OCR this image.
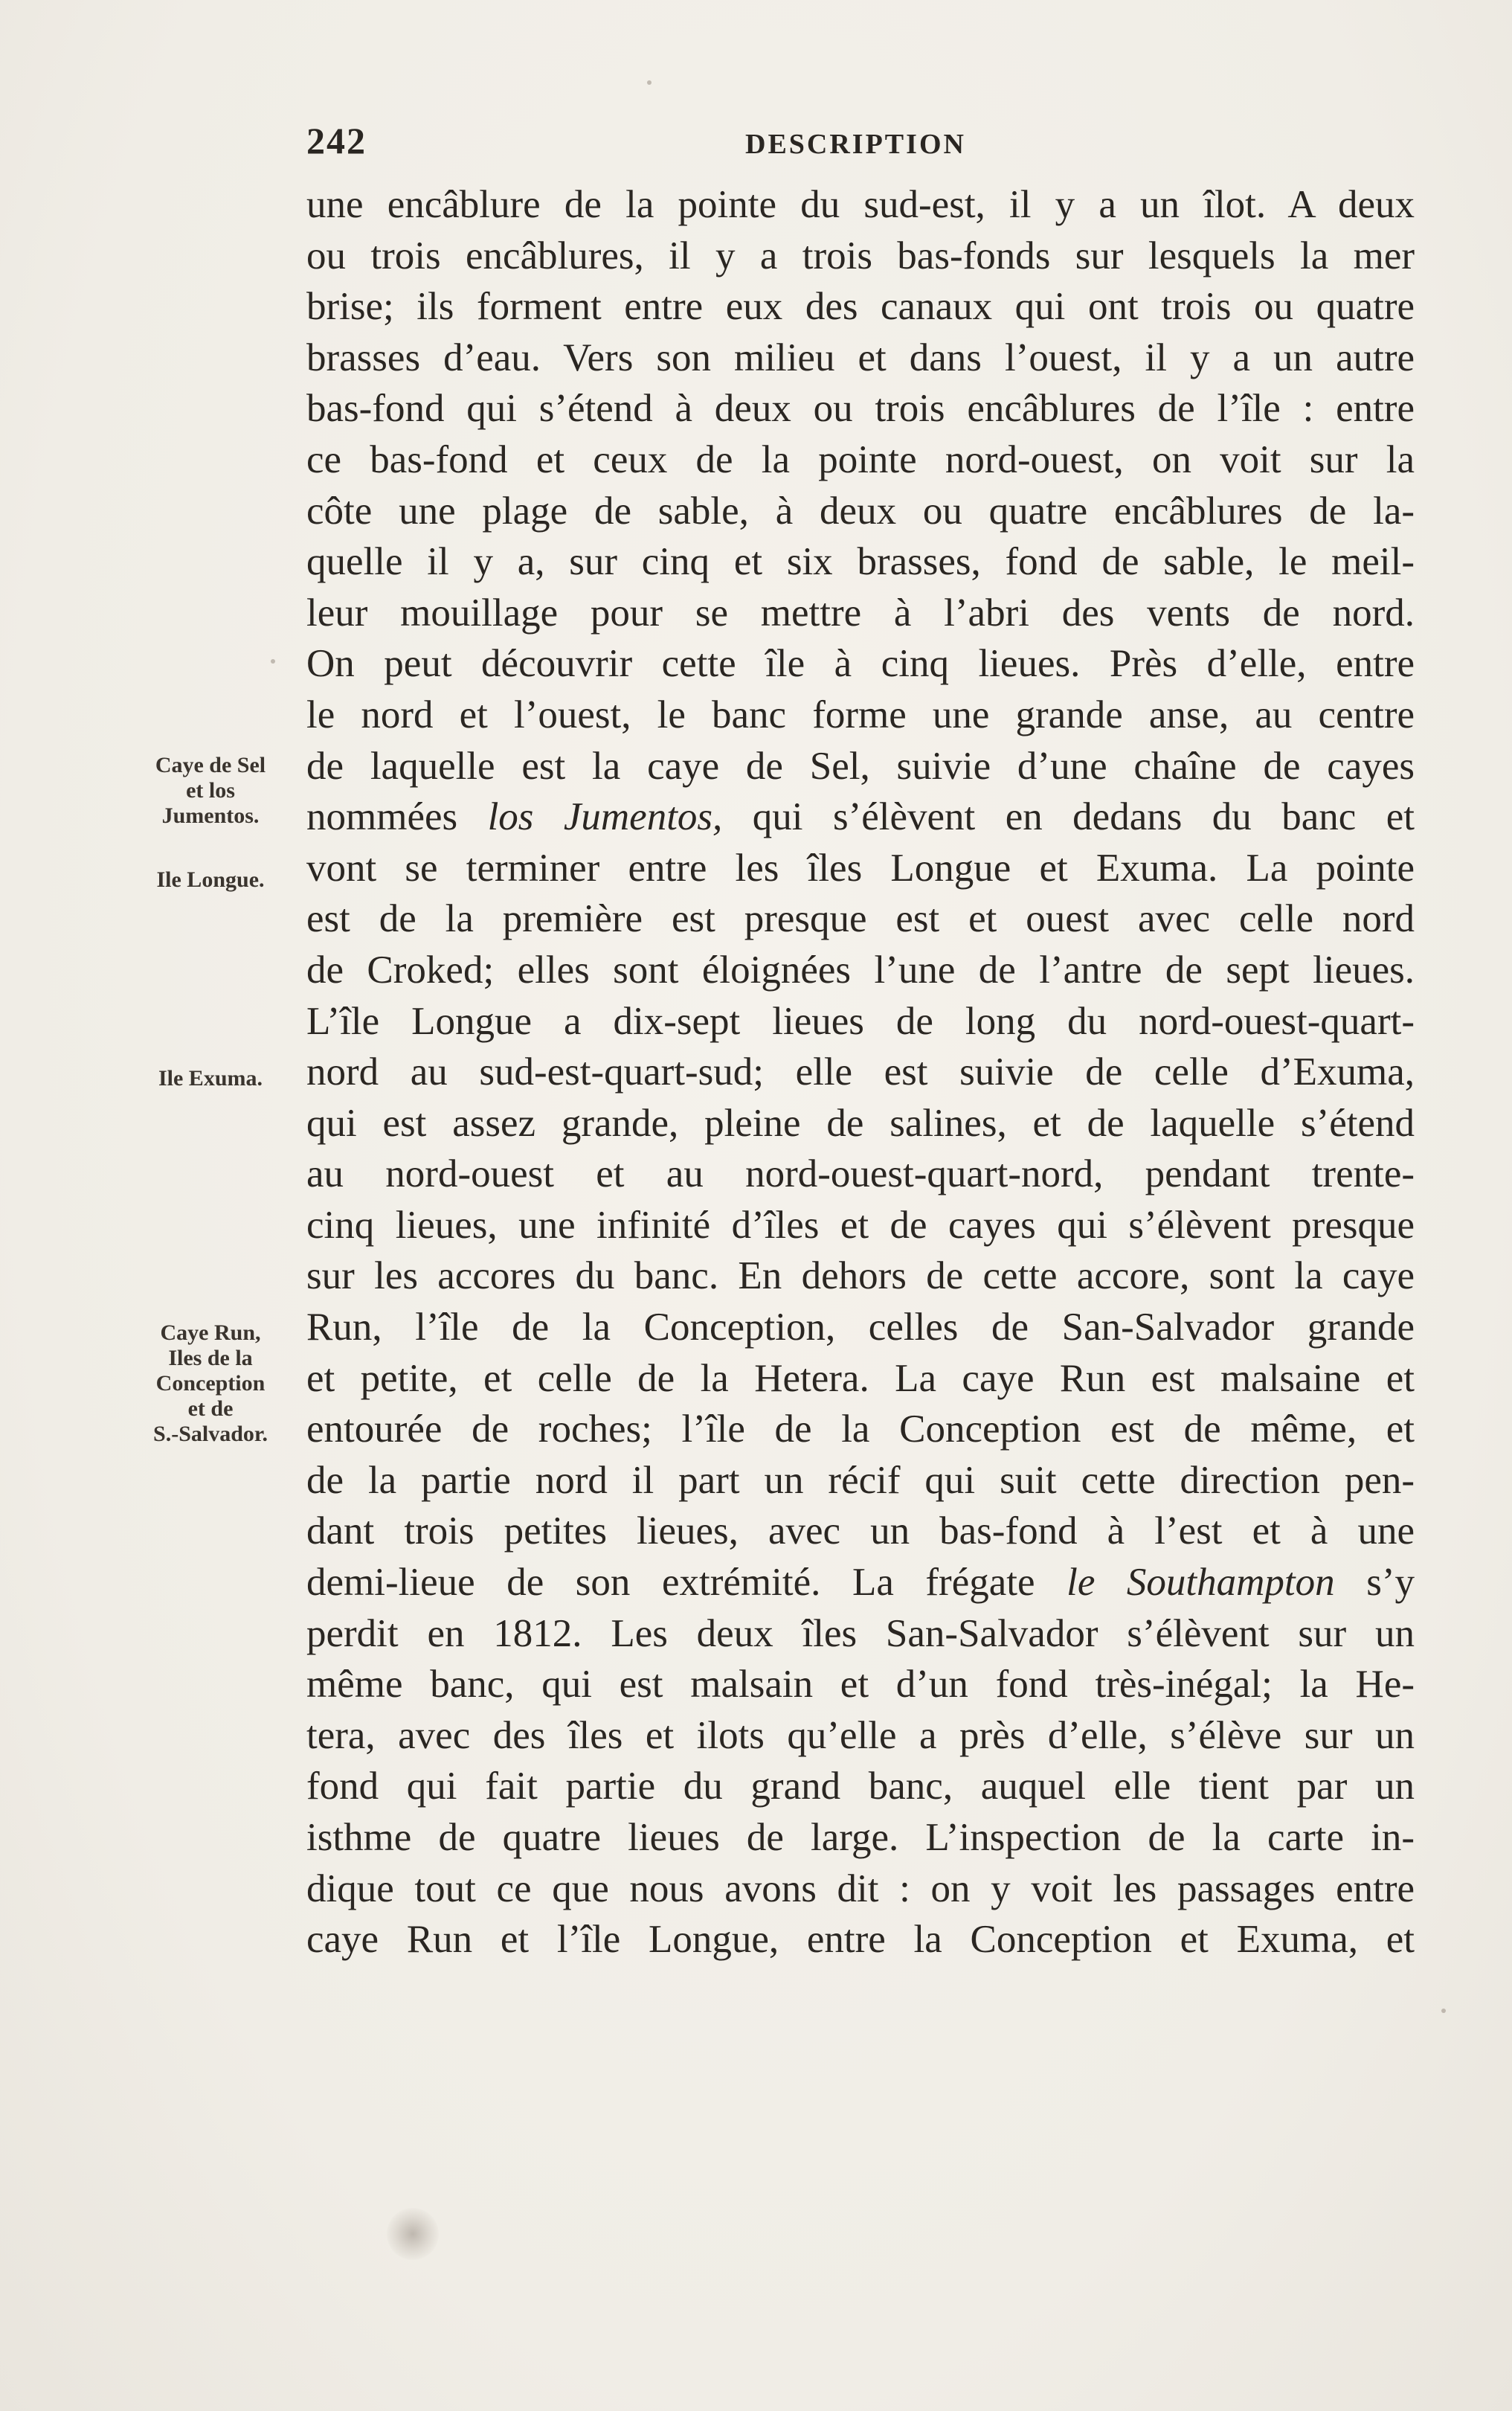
242	DESCRIPTION
une encâblure de la pointe du sud-est, il y a un îlot. A deux
ou trois encâblures, il y a trois bas-fonds sur lesquels la mer
brise; ils forment entre eux des canaux qui ont trois ou quatre
brasses d’eau. Vers son milieu et dans l’ouest, il y a un autre
bas-fond qui s’étend à deux ou trois encâblures de l’île : entre
ce bas-fond et ceux de la pointe nord-ouest, on voit sur la
côte une plage de sable, à deux ou quatre encâblures de la-
quelle il y a, sur cinq et six brasses, fond de sable, le meil-
leur mouillage pour se mettre à l’abri des vents de nord.
On peut découvrir cette île à cinq lieues. Près d’elle, entre
le nord et l’ouest, le banc forme une grande anse, au centre
de laquelle est la caye de Sel, suivie d’une chaîne de cayes
nommées los Jumentos, qui s’élèvent en dedans du banc et
vont se terminer entre les îles Longue et Exuma. La pointe
est de la première est presque est et ouest avec celle nord
de Croked; elles sont éloignées l’une de l’antre de sept lieues.
L’île Longue a dix-sept lieues de long du nord-ouest-quart-
nord au sud-est-quart-sud; elle est suivie de celle d’Exuma,
qui est assez grande, pleine de salines, et de laquelle s’étend
au nord-ouest et au nord-ouest-quart-nord, pendant trente-
cinq lieues, une infinité d’îles et de cayes qui s’élèvent presque
sur les accores du banc. En dehors de cette accore, sont la caye
Run, l’île de la Conception, celles de San-Salvador grande
et petite, et celle de la Hetera. La caye Run est malsaine et
entourée de roches; l’île de la Conception est de même, et
de la partie nord il part un récif qui suit cette direction pen-
dant trois petites lieues, avec un bas-fond à l’est et à une
demi-lieue de son extrémité. La frégate le Southampton s’y
perdit en 1812. Les deux îles San-Salvador s’élèvent sur un
même banc, qui est malsain et d’un fond très-inégal; la He-
tera, avec des îles et ilots qu’elle a près d’elle, s’élève sur un
fond qui fait partie du grand banc, auquel elle tient par un
isthme de quatre lieues de large. L’inspection de la carte in-
dique tout ce que nous avons dit : on y voit les passages entre
caye Run et l’île Longue, entre la Conception et Exuma, et
Caye de Sel
et los
Jumentos.
Ile Longue.
Ile Exuma.
Caye Run,
Iles de la
Conception
et de
S.-Salvador.
